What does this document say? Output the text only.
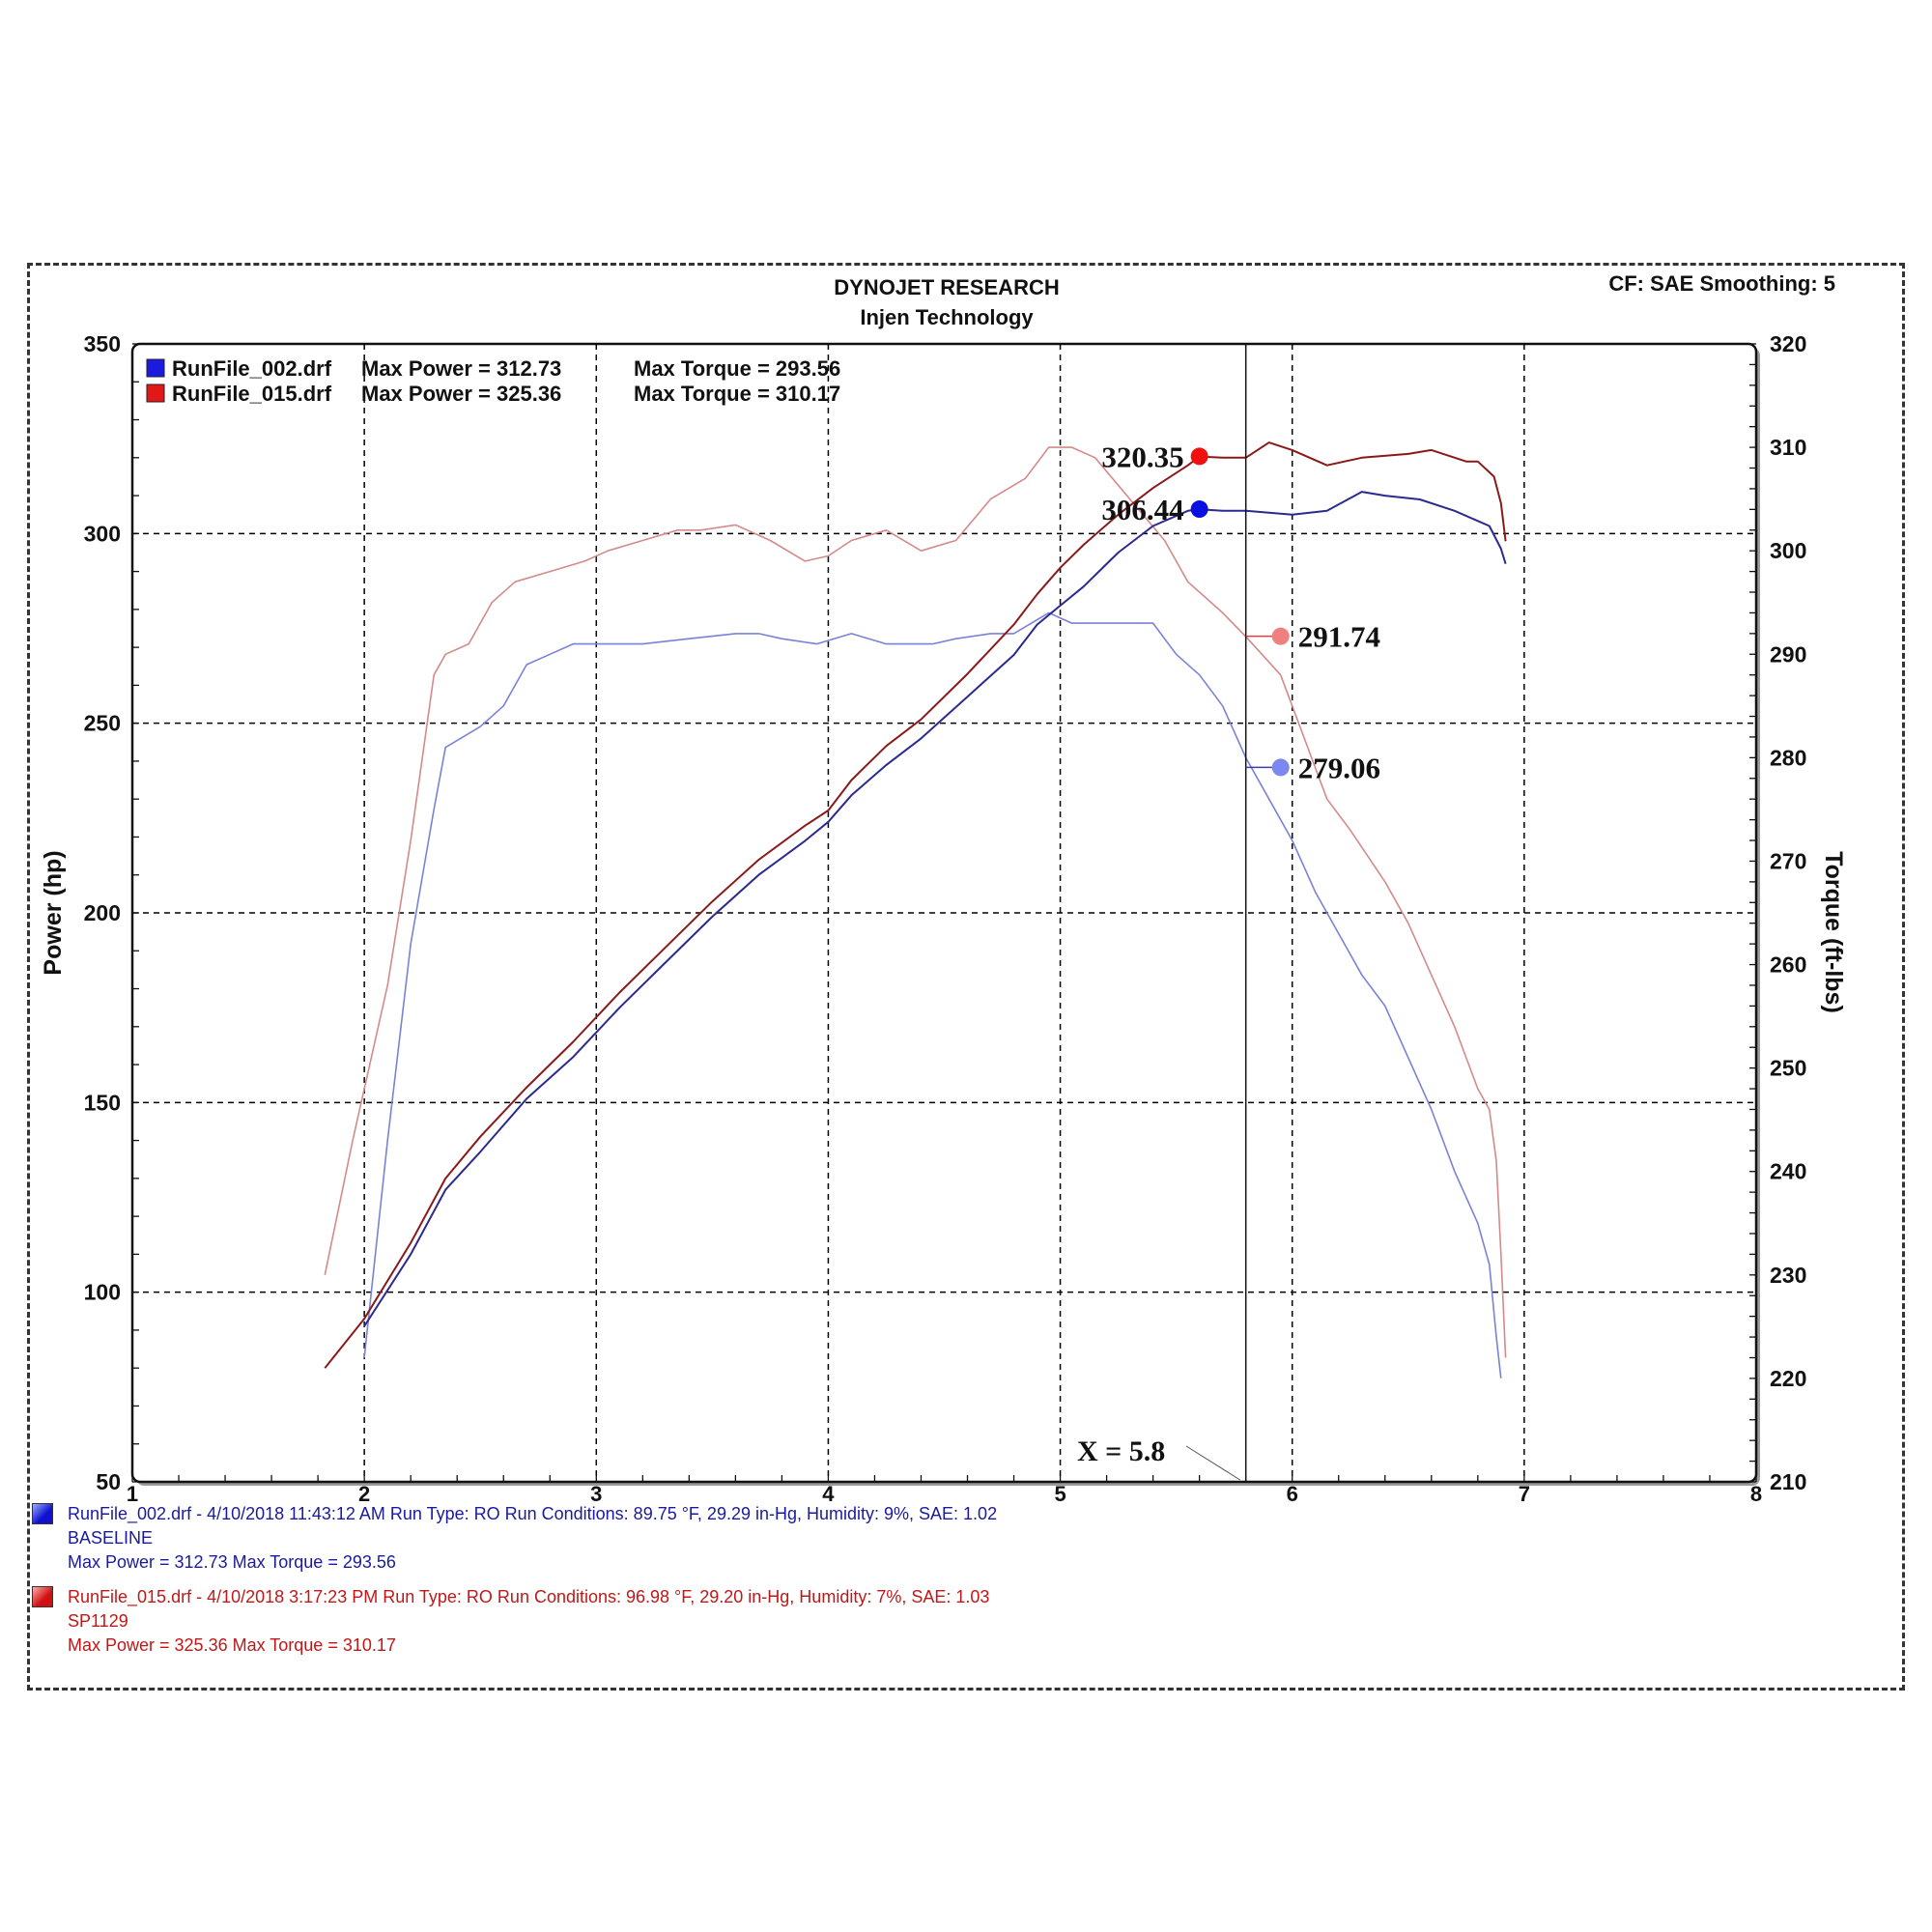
DYNOJET RESEARCH
Injen Technology
CF: SAE Smoothing: 5
50
100
150
200
250
300
350
210
220
230
240
250
260
270
280
290
300
310
320
1	2	3	4	5	6	7	8
Power (hp)	Torque (ft-lbs)
X = 5.8
320.35
306.44
291.74
279.06
RunFile_002.drf Max Power = 312.73	Max Torque = 293.56
RunFile_015.drf Max Power = 325.36	Max Torque = 310.17
RunFile_002.drf - 4/10/2018 11:43:12 AM Run Type: RO Run Conditions: 89.75 °F, 29.29 in-Hg, Humidity: 9%, SAE: 1.02
BASELINE
Max Power = 312.73 Max Torque = 293.56
RunFile_015.drf - 4/10/2018 3:17:23 PM Run Type: RO Run Conditions: 96.98 °F, 29.20 in-Hg, Humidity: 7%, SAE: 1.03
SP1129
Max Power = 325.36 Max Torque = 310.17
